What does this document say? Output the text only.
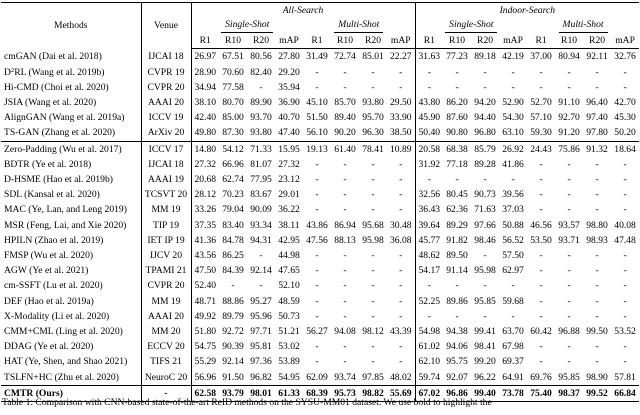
Methods	Venue	All-Search								Indoor-Search							
		Single-Shot				Multi-Shot				Single-Shot				Multi-Shot			
		R1	R10	R20	mAP	R1	R10	R20	mAP	R1	R10	R20	mAP	R1	R10	R20	mAP
cmGAN (Dai et al. 2018)	IJCAI 18	26.97	67.51	80.56	27.80	31.49	72.74	85.01	22.27	31.63	77.23	89.18	42.19	37.00	80.94	92.11	32.76
$D^2RL$ (Wang et al. 2019b)	CVPR 19	28.90	70.60	82.40	29.20	-	-	-	-	-	-	-	-	-	-	-	-
Hi-CMD (Choi et al. 2020)	CVPR 20	34.94	77.58	-	35.94	-	-	-	-	-	-	-	-	-	-	-	-
JSIA (Wang et al. 2020)	AAAI 20	38.10	80.70	89.90	36.90	45.10	85.70	93.80	29.50	43.80	86.20	94.20	52.90	52.70	91.10	96.40	42.70
AlignGAN (Wang et al. 2019a)	ICCV 19	42.40	85.00	93.70	40.70	51.50	89.40	95.70	33.90	45.90	87.60	94.40	54.30	57.10	92.70	97.40	45.30
TS-GAN (Zhang et al. 2020)	ArXiv 20	49.80	87.30	93.80	47.40	56.10	90.20	96.30	38.50	50.40	90.80	96.80	63.10	59.30	91.20	97.80	50.20
Zero-Padding (Wu et al. 2017)	ICCV 17	14.80	54.12	71.33	15.95	19.13	61.40	78.41	10.89	20.58	68.38	85.79	26.92	24.43	75.86	91.32	18.64
BDTR (Ye et al. 2018)	IJCAI 18	27.32	66.96	81.07	27.32	-	-	-	-	31.92	77.18	89.28	41.86	-	-	-	-
D-HSME (Hao et al. 2019b)	AAAI 19	20.68	62.74	77.95	23.12	-	-	-	-	-	-	-	-	-	-	-	-
SDL (Kansal et al. 2020)	TCSVT 20	28.12	70.23	83.67	29.01	-	-	-	-	32.56	80.45	90.73	39.56	-	-	-	-
MAC (Ye, Lan, and Leng 2019)	MM 19	33.26	79.04	90.09	36.22	-	-	-	-	36.43	62.36	71.63	37.03	-	-	-	-
MSR (Feng, Lai, and Xie 2020)	TIP 19	37.35	83.40	93.34	38.11	43.86	86.94	95.68	30.48	39.64	89.29	97.66	50.88	46.56	93.57	98.80	40.08
HPILN (Zhao et al. 2019)	IET IP 19	41.36	84.78	94.31	42.95	47.56	88.13	95.98	36.08	45.77	91.82	98.46	56.52	53.50	93.71	98.93	47.48
FMSP (Wu et al. 2020)	IJCV 20	43.56	86.25	-	44.98	-	-	-	-	48.62	89.50	-	57.50	-	-	-	-
AGW (Ye et al. 2021)	TPAMI 21	47.50	84.39	92.14	47.65	-	-	-	-	54.17	91.14	95.98	62.97	-	-	-	-
cm-SSFT (Lu et al. 2020)	CVPR 20	52.40	-	-	52.10	-	-	-	-	-	-	-	-	-	-	-	-
DEF (Hao et al. 2019a)	MM 19	48.71	88.86	95.27	48.59	-	-	-	-	52.25	89.86	95.85	59.68	-	-	-	-
X-Modality (Li et al. 2020)	AAAI 20	49.92	89.79	95.96	50.73	-	-	-	-	-	-	-	-	-	-	-	-
CMM+CML (Ling et al. 2020)	MM 20	51.80	92.72	97.71	51.21	56.27	94.08	98.12	43.39	54.98	94.38	99.41	63.70	60.42	96.88	99.50	53.52
DDAG (Ye et al. 2020)	ECCV 20	54.75	90.39	95.81	53.02	-	-	-	-	61.02	94.06	98.41	67.98	-	-	-	-
HAT (Ye, Shen, and Shao 2021)	TIFS 21	55.29	92.14	97.36	53.89	-	-	-	-	62.10	95.75	99.20	69.37	-	-	-	-
TSLFN+HC (Zhu et al. 2020)	NeuroC 20	56.96	91.50	96.82	54.95	62.09	93.74	97.85	48.02	59.74	92.07	96.22	64.91	69.76	95.85	98.90	57.81
CMTR (Ours)	-	62.58	93.79	98.01	61.33	68.39	95.73	98.82	55.69	67.02	96.86	99.40	73.78	75.40	98.37	99.52	66.84
Table 1: Comparison with CNN-based state-of-the-art ReID methods on the SYSU-MM01 dataset. We use bold to highlight the
